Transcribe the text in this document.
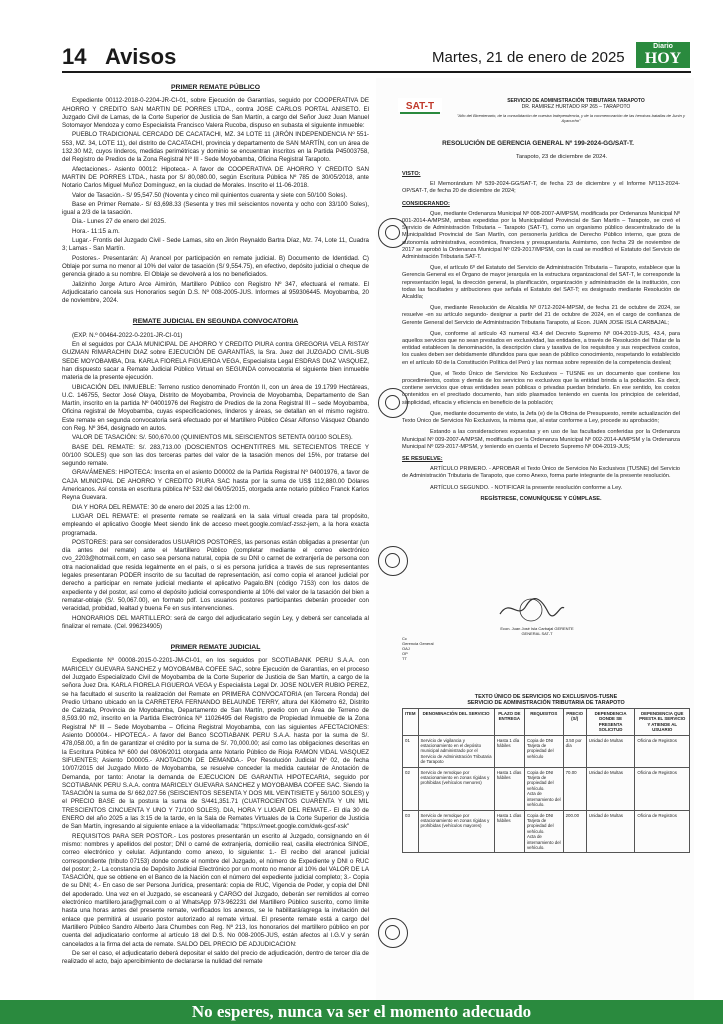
14 Avisos	Martes, 21 de enero de 2025
Diario
HOY
PRIMER REMATE PÚBLICO

Expediente 00112-2018-0-2204-JR-CI-01, sobre Ejecución de Garantías, seguido por COOPERATIVA DE AHORRO Y CREDITO SAN MARTIN DE PORRES LTDA., contra JOSE CARLOS PORTAL ANISETO. El Juzgado Civil de Lamas, de la Corte Superior de Justicia de San Martín, a cargo del Señor Juez Juan Manuel Sotomayor Mendoza y como Especialista Francisco Valera Rucoba, dispuso en subasta el siguiente inmueble:

PUEBLO TRADICIONAL CERCADO DE CACATACHI, MZ. 34 LOTE 11 (JIRÓN INDEPENDENCIA Nº 551-553, MZ. 34, LOTE 11), del distrito de CACATACHI, provincia y departamento de SAN MARTÍN, con un área de 132.30 M2, cuyos linderos, medidas perimétricas y dominio se encuentran inscritos en la Partida P45003758, del Registro de Predios de la Zona Registral Nº III - Sede Moyobamba, Oficina Registral Tarapoto.

Afectaciones.- Asiento 00012: Hipoteca.- A favor de COOPERATIVA DE AHORRO Y CREDITO SAN MARTIN DE PORRES LTDA., hasta por S/ 80,080.00, según Escritura Pública Nº 785 de 30/05/2018, ante Notario Carlos Miguel Muñoz Domínguez, en la ciudad de Morales. Inscrito el 11-06-2018.

Valor de Tasación.- S/ 95,547.50 (Noventa y cinco mil quinientos cuarenta y siete con 50/100 Soles).

Base en Primer Remate.- S/ 63,698.33 (Sesenta y tres mil seiscientos noventa y ocho con 33/100 Soles), igual a 2/3 de la tasación.

Día.- Lunes 27 de enero del 2025.

Hora.- 11:15 a.m.

Lugar.- Frontis del Juzgado Civil - Sede Lamas, sito en Jirón Reynaldo Bartra Díaz, Mz. 74, Lote 11, Cuadra 3; Lamas - San Martín.

Postores.- Presentarán: A) Arancel por participación en remate judicial. B) Documento de Identidad. C) Oblaje por suma no menor al 10% del valor de tasación (S/ 9,554.75), en efectivo, depósito judicial o cheque de gerencia girado a su nombre. El Oblaje se devolverá a los no beneficiados.

Jalizinho Jorge Arturo Arce Aimirón, Martillero Público con Registro Nº 347, efectuará el remate. El Adjudicatario cancela sus Honorarios según D.S. Nº 008-2005-JUS. Informes al 959306445. Moyobamba, 20 de noviembre, 2024.

REMATE JUDICIAL EN SEGUNDA CONVOCATORIA

(EXP. N.º 00464-2022-0-2201-JR-CI-01)

En el seguidos por CAJA MUNICIPAL DE AHORRO Y CREDITO PIURA contra GREGORIA VELA RISTAY GUZMAN RIMARACHIN DIAZ sobre EJECUCIÓN DE GARANTÍAS, la Sra. Juez del JUZGADO CIVIL-SUB SEDE MOYOBAMBA, Dra. KARLA FIORELA FIGUEROA VEGA, Especialista Legal ESDRAS DIAZ VASQUEZ, han dispuesto sacar a Remate Judicial Público Virtual en SEGUNDA convocatoria el siguiente bien inmueble materia de la presente ejecución.

UBICACIÓN DEL INMUEBLE: Terreno rustico denominado Frontón II, con un área de 19.1799 Hectáreas, U.C. 146755, Sector José Olaya, Distrito de Moyobamba, Provincia de Moyobamba, Departamento de San Martín, inscrito en la partida Nº 04001976 del Registro de Predios de la zona Registral III – sede Moyobamba, Oficina registral de Moyobamba, cuyas especificaciones, linderos y áreas, se detallan en el mismo registro. Este remate en segunda convocatoria será efectuado por el Martillero Público César Alfonso Vásquez Obando con Reg. Nº 364, designado en autos.

VALOR DE TASACIÓN: S/. 500,670.00 (QUINIENTOS MIL SEISCIENTOS SETENTA 00/100 SOLES).

BASE DEL REMATE: S/. 283,713.00 (DOSCIENTOS OCHENTITRES MIL SETECIENTOS TRECE Y 00/100 SOLES) que son las dos terceras partes del valor de la tasación menos del 15%, por tratarse del segundo remate.

GRAVÁMENES: HIPOTECA: Inscrita en el asiento D00002 de la Partida Registral Nº 04001976, a favor de CAJA MUNICIPAL DE AHORRO Y CREDITO PIURA SAC hasta por la suma de US$ 112,880.00 Dólares Americanos. Así consta en escritura pública Nº 532 del 06/05/2015, otorgada ante notario público Franck Karlos Reyna Guevara.

DIA Y HORA DEL REMATE: 30 de enero del 2025 a las 12:00 m.

LUGAR DEL REMATE: el presente remate se realizará en la sala virtual creada para tal propósito, empleando el aplicativo Google Meet siendo link de acceso meet.google.com/acf-zssz-jem, a la hora exacta programada.

POSTORES: para ser considerados USUARIOS POSTORES, las personas están obligadas a presentar (un día antes del remate) ante el Martillero Público (completar mediante el correo electrónico cvo_2203@hotmail.com, en caso sea persona natural, copia de su DNI o carnet de extranjería de persona con otra nacionalidad que resida legalmente en el país, o si es persona jurídica a través de sus representantes legales presentaran PODER inscrito de su facultad de representación, así como copia el arancel judicial por derecho a participar en remate judicial mediante el aplicativo Pagalo.BN (código 7153) con los datos de expediente y del postor, así como el depósito judicial correspondiente al 10% del valor de la tasación del bien a rematar-oblaje (S/. 50,067.00), en formato pdf. Los usuarios postores participantes deberán proceder con veracidad, probidad, lealtad y buena Fe en sus intervenciones.

HONORARIOS DEL MARTILLERO: será de cargo del adjudicatario según Ley, y deberá ser cancelada al finalizar el remate. (Cel. 996234905)

PRIMER REMATE JUDICIAL

Expediente Nº 00008-2015-0-2201-JM-CI-01, en los seguidos por SCOTIABANK PERU S.A.A. con MARICELY GUEVARA SANCHEZ y MOYOBAMBA COFEE SAC, sobre Ejecución de Garantías, en el proceso del Juzgado Especializado Civil de Moyobamba de la Corte Superior de Justicia de San Martín, a cargo de la señora Juez Dra. KARLA FIORELA FIGUEROA VEGA y Especialista Legal Dr. JOSE NOLVER RUBIO PEREZ, se ha facultado el suscrito la realización del Remate en PRIMERA CONVOCATORIA (en Tercera Ronda) del Predio Urbano ubicado en la CARRETERA FERNANDO BELAUNDE TERRY, altura del Kilómetro 62, Distrito de Calzada, Provincia de Moyobamba, Departamento de San Martín, predio con un Área de Terreno de 8,593.90 m2, inscrito en la Partida Electrónica Nº 11026495 del Registro de Propiedad Inmueble de la Zona Registral Nº III – Sede Moyobamba – Oficina Registral Moyobamba, con las siguientes AFECTACIONES: Asiento D00004.- HIPOTECA.- A favor del Banco SCOTIABANK PERU S.A.A. hasta por la suma de S/. 478,058.00, a fin de garantizar el crédito por la suma de S/. 70,000.00; así como las obligaciones descritas en la Escritura Pública Nº 600 del 08/06/2011 otorgada ante Notario Público de Rioja RAMON VIDAL VASQUEZ SIFUENTES; Asiento D00005.- ANOTACION DE DEMANDA.- Por Resolución Judicial Nº 02, de fecha 10/07/2015 del Juzgado Mixto de Moyobamba, se resuelve conceder la medida cautelar de Anotación de Demanda, por tanto: Anotar la demanda de EJECUCION DE GARANTIA HIPOTECARIA, seguido por SCOTIABANK PERU S.A.A. contra MARICELY GUEVARA SANCHEZ y MOYOBAMBA COFEE SAC. Siendo la TASACIÓN la suma de S/ 662,027.56 (SEISCIENTOS SESENTA Y DOS MIL VEINTISIETE y 56/100 SOLES) y el PRECIO BASE de la postura la suma de S/441,351.71 (CUATROCIENTOS CUARENTA Y UN MIL TRESCIENTOS CINCUENTA Y UNO Y 71/100 SOLES). DIA, HORA Y LUGAR DEL REMATE.- El día 30 de ENERO del año 2025 a las 3:15 de la tarde, en la Sala de Remates Virtuales de la Corte Superior de Justicia de San Martín, ingresando al siguiente enlace a la videollamada: "https://meet.google.com/dwk-gcsf-xsk"

REQUISITOS PARA SER POSTOR.- Los postores presentarán un escrito al Juzgado, consignando en él mismo: nombres y apellidos del postor; DNI o carné de extranjería, domicilio real, casilla electrónica SINOE, correo electrónico y celular. Adjuntando como anexo, lo siguiente: 1.- El recibo del arancel judicial correspondiente (tributo 07153) donde conste el nombre del Juzgado, el número de Expediente y DNI o RUC del postor; 2.- La constancia de Depósito Judicial Electrónico por un monto no menor al 10% del VALOR DE LA TASACIÓN, que se obtiene en el Banco de la Nación con el número del expediente judicial completo; 3.- Copia de su DNI; 4.- En caso de ser Persona Jurídica, presentará: copia de RUC, Vigencia de Poder, y copia del DNI del apoderado. Una vez en el Juzgado, se escaneará y CARGO del Juzgado, deberán ser remitidos al correo electrónico martillero.jara@gmail.com o al WhatsApp 973-962231 del Martillero Público suscrito, como límite hasta una horas antes del presente remate, verificados los anexos, se le habilitará/agrega la invitación del enlace que permitirá al usuario postor autorizado al remate virtual. El presente remate está a cargo del Martillero Público Sandro Alberto Jara Chumbes con Reg. Nº 213, los honorarios del martillero público en por cuenta del adjudicatario conforme al artículo 18 del D.S. No 008-2005-JUS, están afectos al I.G.V y serán cancelados a la firma del acta de remate. SALDO DEL PRECIO DE ADJUDICACION:

De ser el caso, el adjudicatario deberá depositar el saldo del precio de adjudicación, dentro de tercer día de realizado el acto, bajo apercibimiento de declararse la nulidad del remate

SAT-T	SERVICIO DE ADMINISTRACIÓN TRIBUTARIA TARAPOTO
DR. RAMIREZ HURTADO RP 265 – TARAPOTO
"Año del Bicentenario, de la consolidación de nuestra Independencia, y de la conmemoración de las heroicas batallas de Junín y Ayacucho"
RESOLUCIÓN DE GERENCIA GENERAL Nº 199-2024-GG/SAT-T.
Tarapoto, 23 de diciembre de 2024.
VISTO:

El Memorándum Nº 539-2024-GG/SAT-T, de fecha 23 de diciembre y el Informe Nº113-2024-OP/SAT-T, de fecha 20 de diciembre de 2024;

CONSIDERANDO:

Que, mediante Ordenanza Municipal Nº 008-2007-A/MPSM, modificada por Ordenanza Municipal Nº 001-2014-A/MPSM, ambas expedidas por la Municipalidad Provincial de San Martín – Tarapoto, se creó el Servicio de Administración Tributaria – Tarapoto (SAT-T), como un organismo público descentralizado de la Municipalidad Provincial de San Martín, con personería jurídica de Derecho Público interno, que goza de autonomía administrativa, económica, financiera y presupuestaria. Asimismo, con fecha 29 de noviembre de 2017 se aprobó la Ordenanza Municipal Nº 029-2017/MPSM, con la cual se modificó el Estatuto del Servicio de Administración Tributaria SAT-T.

Que, el artículo 6º del Estatuto del Servicio de Administración Tributaria – Tarapoto, establece que la Gerencia General es el Órgano de mayor jerarquía en la estructura organizacional del SAT-T, le corresponde la representación legal, la dirección general, la planificación, organización y administración de la institución, con todas las facultades y atribuciones que señala el Estatuto del SAT-T; es designado mediante Resolución de Alcaldía;

Que, mediante Resolución de Alcaldía Nº 0712-2024-MPSM, de fecha 21 de octubre de 2024, se resuelve -en su artículo segundo- designar a partir del 21 de octubre de 2024, en el cargo de confianza de Gerente General del Servicio de Administración Tributaria Tarapoto, al Econ. JUAN JOSE ISLA CARBAJAL;

Que, conforme al artículo 43 numeral 43.4 del Decreto Supremo Nº 004-2019-JUS, 43.4, para aquellos servicios que no sean prestados en exclusividad, las entidades, a través de Resolución del Titular de la entidad establecen la denominación, la descripción clara y taxativa de los requisitos y sus respectivos costos, los cuales deben ser debidamente difundidos para que sean de público conocimiento, respetando lo establecido en el artículo 60 de la Constitución Política del Perú y las normas sobre represión de la competencia desleal;

Que, el Texto Único de Servicios No Exclusivos – TUSNE es un documento que contiene los procedimientos, costos y demás de los servicios no exclusivos que la entidad brinda a la población. Es decir, contiene servicios que otras entidades sean públicas o privadas puedan brindarlo. En ese sentido, los costos contenidos en el precitado documento, han sido plasmados teniendo en cuenta los principios de celeridad, simplicidad, eficacia y eficiencia en beneficio de la población;

Que, mediante documento de visto, la Jefa (e) de la Oficina de Presupuesto, remite actualización del Texto Único de Servicios No Exclusivos, la misma que, al estar conforme a Ley, procede su aprobación;

Estando a las consideraciones expuestas y en uso de las facultades conferidas por la Ordenanza Municipal Nº 009-2007-A/MPSM, modificada por la Ordenanza Municipal Nº 002-2014-A/MPSM y la Ordenanza Municipal Nº 029-2017-MPSM, y teniendo en cuenta el Decreto Supremo Nº 004-2019-JUS;

SE RESUELVE:

ARTÍCULO PRIMERO. - APROBAR el Texto Único de Servicios No Exclusivos (TUSNE) del Servicio de Administración Tributaria de Tarapoto, que como Anexo, forma parte integrante de la presente resolución.

ARTÍCULO SEGUNDO. - NOTIFICAR la presente resolución conforme a Ley.

REGÍSTRESE, COMUNÍQUESE Y CÚMPLASE.
Econ. Juan José Isla Carbajal GERENTE GENERAL SAT-T
Cc
Gerencia General
OAJ
OP
TT
TEXTO ÚNICO DE SERVICIOS NO EXCLUSIVOS-TUSNE
SERVICIO DE ADMINISTRACIÓN TRIBUTARIA DE TARAPOTO
ITEM	DENOMINACIÓN DEL SERVICIO	PLAZO DE ENTREGA	REQUISITOS	PRECIO (S/)	DEPENDENCIA DONDE SE PRESENTA SOLICITUD	DEPENDENCIA QUE PRESTA EL SERVICIO Y ATIENDE AL USUARIO
01	Servicio de vigilancia y estacionamiento en el depósito municipal administrado por el Servicio de Administración Tributaria de Tarapoto	Hasta 1 día hábiles	Copia de DNI
Tarjeta de propiedad del vehículo	3.50 por día	Unidad de Multas	Oficina de Registros
02	Servicio de remolque por estacionamiento en zonas rígidas y prohibidas (vehículos menores)	Hasta 1 días hábiles	Copia de DNI
Tarjeta de propiedad del vehículo.
Acta de internamiento del vehículo.	70.00	Unidad de Multas	Oficina de Registros
03	Servicio de remolque por estacionamiento en zonas rígidas y prohibidas (vehículos mayores)	Hasta 1 días hábiles	Copia de DNI
Tarjeta de propiedad del vehículo.
Acta de internamiento del vehículo.	200.00	Unidad de Multas	Oficina de Registros
No esperes, nunca va ser el momento adecuado
